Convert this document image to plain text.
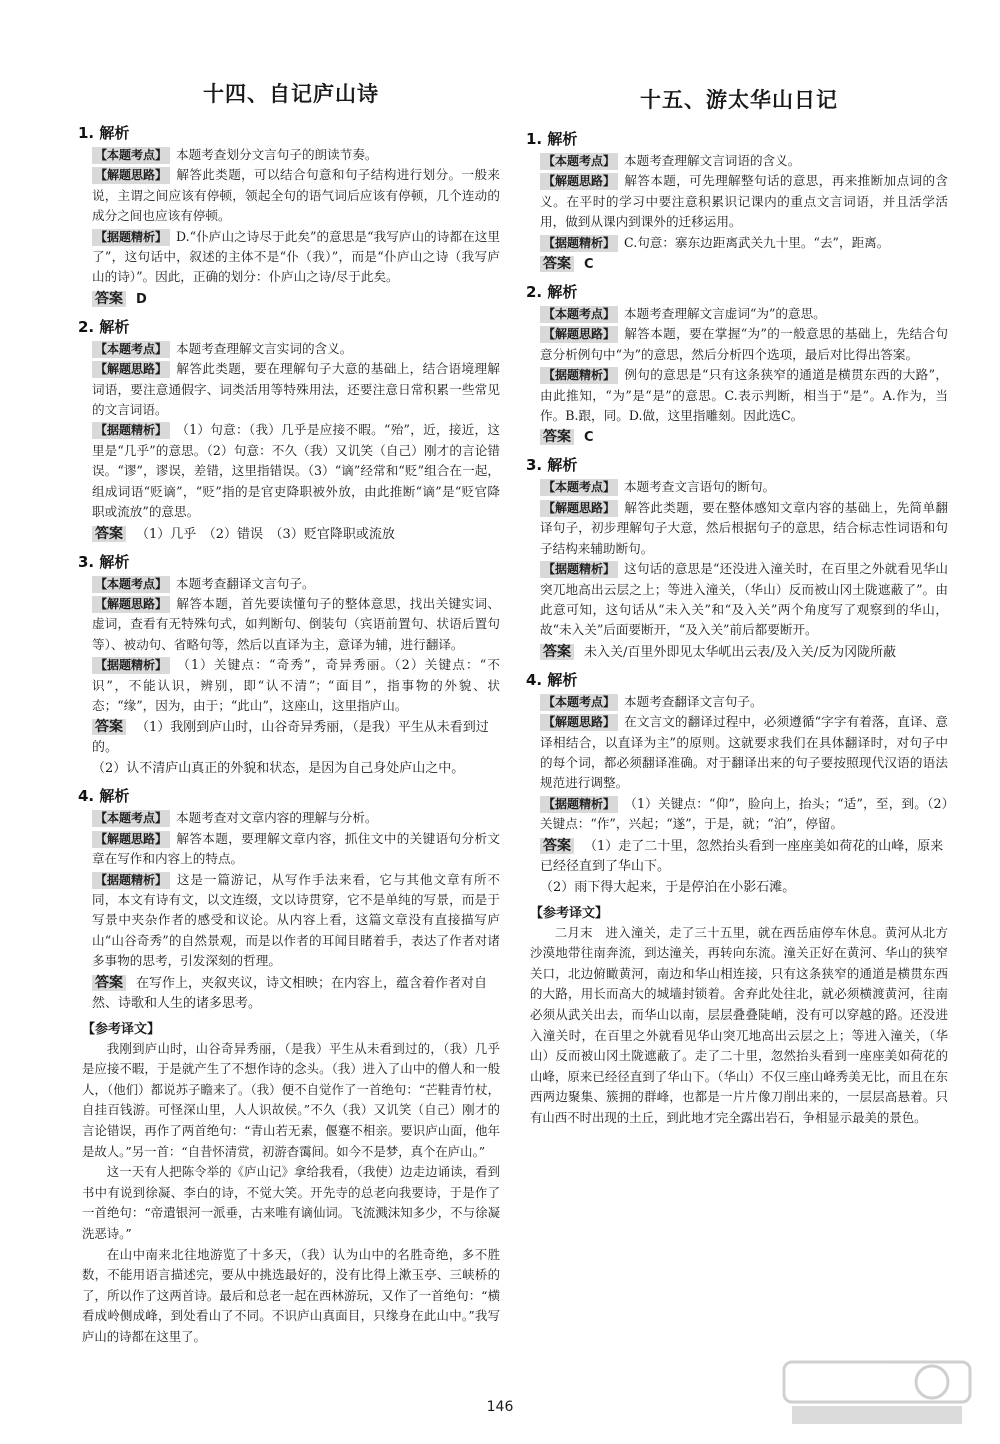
十四、自记庐山诗
1. 解析

【本题考点】 本题考查划分文言句子的朗读节奏。

【解题思路】 解答此类题，可以结合句意和句子结构进行划分。一般来说，主谓之间应该有停顿，领起全句的语气词后应该有停顿，几个连动的成分之间也应该有停顿。

【据题精析】 D.“仆庐山之诗尽于此矣”的意思是“我写庐山的诗都在这里了”，这句话中，叙述的主体不是“仆（我）”，而是“仆庐山之诗（我写庐山的诗）”。因此，正确的划分：仆庐山之诗/尽于此矣。

答案 D
2. 解析

【本题考点】 本题考查理解文言实词的含义。

【解题思路】 解答此类题，要在理解句子大意的基础上，结合语境理解词语，要注意通假字、词类活用等特殊用法，还要注意日常积累一些常见的文言词语。

【据题精析】 （1）句意：（我）几乎是应接不暇。“殆”，近，接近，这里是“几乎”的意思。（2）句意：不久（我）又讥笑（自己）刚才的言论错误。“谬”，谬误，差错，这里指错误。（3）“谪”经常和“贬”组合在一起，组成词语“贬谪”，“贬”指的是官吏降职被外放，由此推断“谪”是“贬官降职或流放”的意思。

答案 （1）几乎　（2）错误　（3）贬官降职或流放
3. 解析

【本题考点】 本题考查翻译文言句子。

【解题思路】 解答本题，首先要读懂句子的整体意思，找出关键实词、虚词，查看有无特殊句式，如判断句、倒装句（宾语前置句、状语后置句等）、被动句、省略句等，然后以直译为主，意译为辅，进行翻译。

【据题精析】 （1）关键点：“奇秀”，奇异秀丽。（2）关键点：“不识”，不能认识，辨别，即“认不清”；“面目”，指事物的外貌、状态；“缘”，因为，由于；“此山”，这座山，这里指庐山。

答案 （1）我刚到庐山时，山谷奇异秀丽，（是我）平生从未看到过的。
（2）认不清庐山真正的外貌和状态，是因为自己身处庐山之中。
4. 解析

【本题考点】 本题考查对文章内容的理解与分析。

【解题思路】 解答本题，要理解文章内容，抓住文中的关键语句分析文章在写作和内容上的特点。

【据题精析】 这是一篇游记，从写作手法来看，它与其他文章有所不同，本文有诗有文，以文连缀，文以诗贯穿，它不是单纯的写景，而是于写景中夹杂作者的感受和议论。从内容上看，这篇文章没有直接描写庐山“山谷奇秀”的自然景观，而是以作者的耳闻目睹着手，表达了作者对诸多事物的思考，引发深刻的哲理。

答案 在写作上，夹叙夹议，诗文相映；在内容上，蕴含着作者对自然、诗歌和人生的诸多思考。
【参考译文】

我刚到庐山时，山谷奇异秀丽，（是我）平生从未看到过的，（我）几乎是应接不暇，于是就产生了不想作诗的念头。（我）进入了山中的僧人和一般人，（他们）都说苏子瞻来了。（我）便不自觉作了一首绝句：“芒鞋青竹杖，自挂百钱游。可怪深山里，人人识故侯。”不久（我）又讥笑（自己）刚才的言论错误，再作了两首绝句：“青山若无素，偃蹇不相亲。要识庐山面，他年是故人。”另一首：“自昔怀清赏，初游杳霭间。如今不是梦，真个在庐山。”

这一天有人把陈令举的《庐山记》拿给我看，（我使）边走边诵读，看到书中有说到徐凝、李白的诗，不觉大笑。开先寺的总老向我要诗，于是作了一首绝句：“帝遣银河一派垂，古来唯有谪仙词。飞流溅沫知多少，不与徐凝洗恶诗。”

在山中南来北往地游览了十多天，（我）认为山中的名胜奇绝，多不胜数，不能用语言描述完，要从中挑选最好的，没有比得上漱玉亭、三峡桥的了，所以作了这两首诗。最后和总老一起在西林游玩，又作了一首绝句：“横看成岭侧成峰，到处看山了不同。不识庐山真面目，只缘身在此山中。”我写庐山的诗都在这里了。

十五、游太华山日记
1. 解析

【本题考点】 本题考查理解文言词语的含义。

【解题思路】 解答本题，可先理解整句话的意思，再来推断加点词的含义。在平时的学习中要注意积累识记课内的重点文言词语，并且活学活用，做到从课内到课外的迁移运用。

【据题精析】 C.句意：寨东边距离武关九十里。“去”，距离。

答案 C
2. 解析

【本题考点】 本题考查理解文言虚词“为”的意思。

【解题思路】 解答本题，要在掌握“为”的一般意思的基础上，先结合句意分析例句中“为”的意思，然后分析四个选项，最后对比得出答案。

【据题精析】 例句的意思是“只有这条狭窄的通道是横贯东西的大路”，由此推知，“为”是“是”的意思。C.表示判断，相当于“是”。A.作为，当作。B.跟，同。D.做，这里指雕刻。因此选C。

答案 C
3. 解析

【本题考点】 本题考查文言语句的断句。

【解题思路】 解答此类题，要在整体感知文章内容的基础上，先简单翻译句子，初步理解句子大意，然后根据句子的意思，结合标志性词语和句子结构来辅助断句。

【据题精析】 这句话的意思是“还没进入潼关时，在百里之外就看见华山突兀地高出云层之上；等进入潼关，（华山）反而被山冈土陇遮蔽了”。由此意可知，这句话从“未入关”和“及入关”两个角度写了观察到的华山，故“未入关”后面要断开，“及入关”前后都要断开。

答案 未入关/百里外即见太华屼出云表/及入关/反为冈陇所蔽
4. 解析

【本题考点】 本题考查翻译文言句子。

【解题思路】 在文言文的翻译过程中，必须遵循“字字有着落，直译、意译相结合，以直译为主”的原则。这就要求我们在具体翻译时，对句子中的每个词，都必须翻译准确。对于翻译出来的句子要按照现代汉语的语法规范进行调整。

【据题精析】 （1）关键点：“仰”，脸向上，抬头；“适”，至，到。（2）关键点：“作”，兴起；“遂”，于是，就；“泊”，停留。

答案 （1）走了二十里，忽然抬头看到一座座美如荷花的山峰，原来已经径直到了华山下。
（2）雨下得大起来，于是停泊在小影石滩。
【参考译文】

二月末　进入潼关，走了三十五里，就在西岳庙停车休息。黄河从北方沙漠地带往南奔流，到达潼关，再转向东流。潼关正好在黄河、华山的狭窄关口，北边俯瞰黄河，南边和华山相连接，只有这条狭窄的通道是横贯东西的大路，用长而高大的城墙封锁着。舍弃此处往北，就必须横渡黄河，往南必须从武关出去，而华山以南，层层叠叠陡峭，没有可以穿越的路。还没进入潼关时，在百里之外就看见华山突兀地高出云层之上；等进入潼关，（华山）反而被山冈土陇遮蔽了。走了二十里，忽然抬头看到一座座美如荷花的山峰，原来已经径直到了华山下。（华山）不仅三座山峰秀美无比，而且在东西两边聚集、簇拥的群峰，也都是一片片像刀削出来的，一层层高悬着。只有山西不时出现的土丘，到此地才完全露出岩石，争相显示最美的景色。

146
